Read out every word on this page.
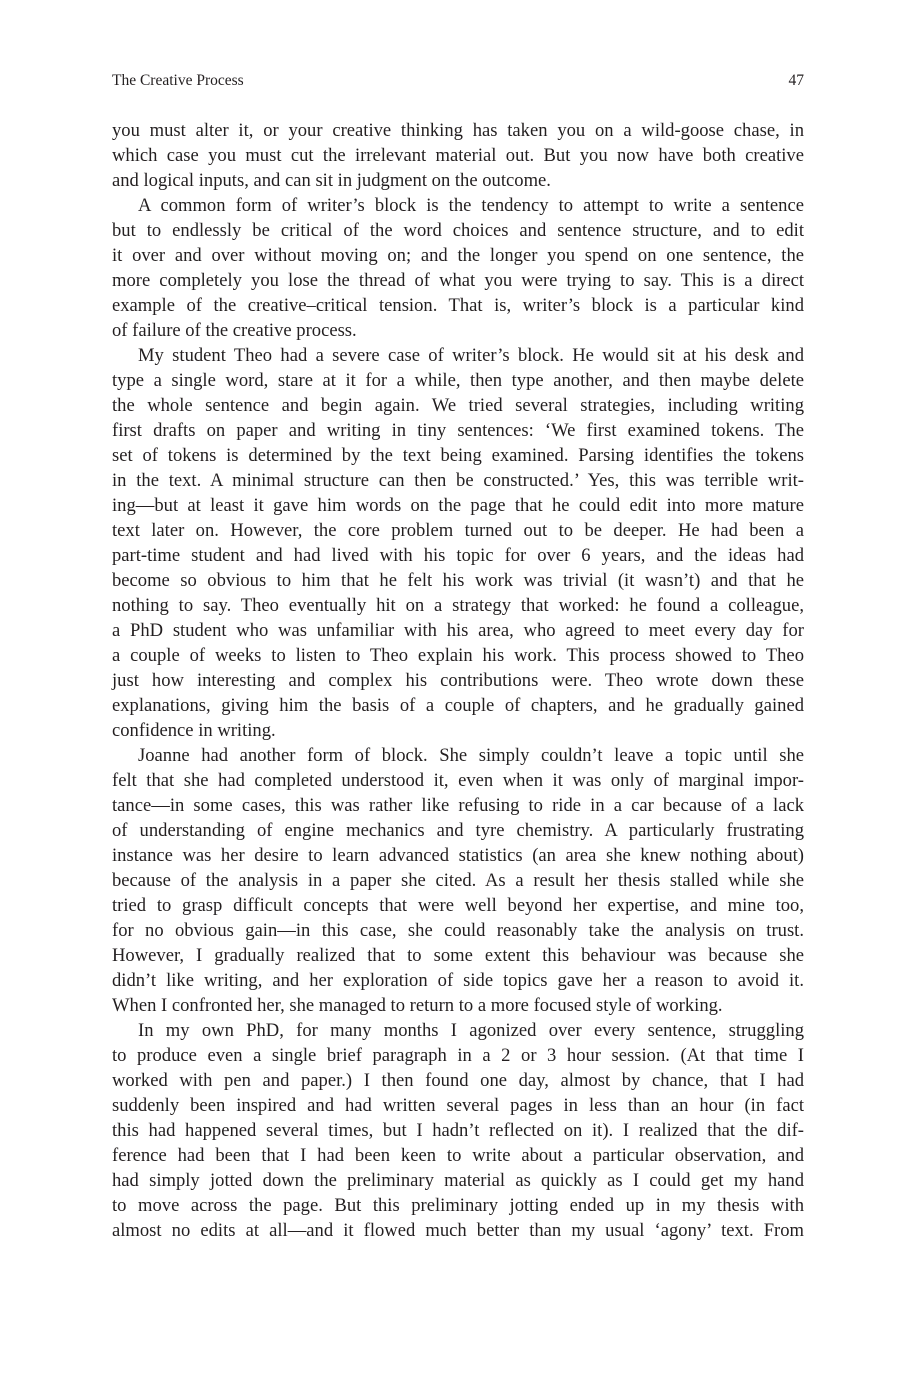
The Creative Process	47
you must alter it, or your creative thinking has taken you on a wild-goose chase, in
which case you must cut the irrelevant material out. But you now have both creative
and logical inputs, and can sit in judgment on the outcome.
A common form of writer’s block is the tendency to attempt to write a sentence
but to endlessly be critical of the word choices and sentence structure, and to edit
it over and over without moving on; and the longer you spend on one sentence, the
more completely you lose the thread of what you were trying to say. This is a direct
example of the creative–critical tension. That is, writer’s block is a particular kind
of failure of the creative process.
My student Theo had a severe case of writer’s block. He would sit at his desk and
type a single word, stare at it for a while, then type another, and then maybe delete
the whole sentence and begin again. We tried several strategies, including writing
first drafts on paper and writing in tiny sentences: ‘We first examined tokens. The
set of tokens is determined by the text being examined. Parsing identifies the tokens
in the text. A minimal structure can then be constructed.’ Yes, this was terrible writ-
ing—but at least it gave him words on the page that he could edit into more mature
text later on. However, the core problem turned out to be deeper. He had been a
part-time student and had lived with his topic for over 6 years, and the ideas had
become so obvious to him that he felt his work was trivial (it wasn’t) and that he
nothing to say. Theo eventually hit on a strategy that worked: he found a colleague,
a PhD student who was unfamiliar with his area, who agreed to meet every day for
a couple of weeks to listen to Theo explain his work. This process showed to Theo
just how interesting and complex his contributions were. Theo wrote down these
explanations, giving him the basis of a couple of chapters, and he gradually gained
confidence in writing.
Joanne had another form of block. She simply couldn’t leave a topic until she
felt that she had completed understood it, even when it was only of marginal impor-
tance—in some cases, this was rather like refusing to ride in a car because of a lack
of understanding of engine mechanics and tyre chemistry. A particularly frustrating
instance was her desire to learn advanced statistics (an area she knew nothing about)
because of the analysis in a paper she cited. As a result her thesis stalled while she
tried to grasp difficult concepts that were well beyond her expertise, and mine too,
for no obvious gain—in this case, she could reasonably take the analysis on trust.
However, I gradually realized that to some extent this behaviour was because she
didn’t like writing, and her exploration of side topics gave her a reason to avoid it.
When I confronted her, she managed to return to a more focused style of working.
In my own PhD, for many months I agonized over every sentence, struggling
to produce even a single brief paragraph in a 2 or 3 hour session. (At that time I
worked with pen and paper.) I then found one day, almost by chance, that I had
suddenly been inspired and had written several pages in less than an hour (in fact
this had happened several times, but I hadn’t reflected on it). I realized that the dif-
ference had been that I had been keen to write about a particular observation, and
had simply jotted down the preliminary material as quickly as I could get my hand
to move across the page. But this preliminary jotting ended up in my thesis with
almost no edits at all—and it flowed much better than my usual ‘agony’ text. From
